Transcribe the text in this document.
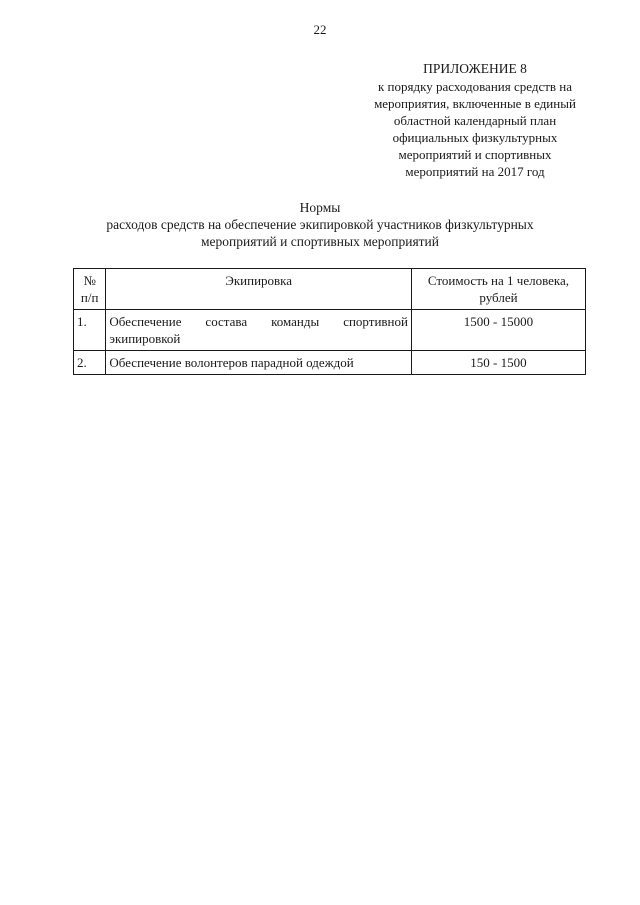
22
ПРИЛОЖЕНИЕ 8
к порядку расходования средств на
мероприятия, включенные в единый
областной календарный план
официальных физкультурных
мероприятий и спортивных
мероприятий на 2017 год
Нормы
расходов средств на обеспечение экипировкой участников физкультурных
мероприятий и спортивных мероприятий
№
п/п	Экипировка	Стоимость на 1 человека,
рублей
1.	Обеспечение состава команды спортивной экипировкой	1500 - 15000
2.	Обеспечение волонтеров парадной одеждой	150 - 1500
